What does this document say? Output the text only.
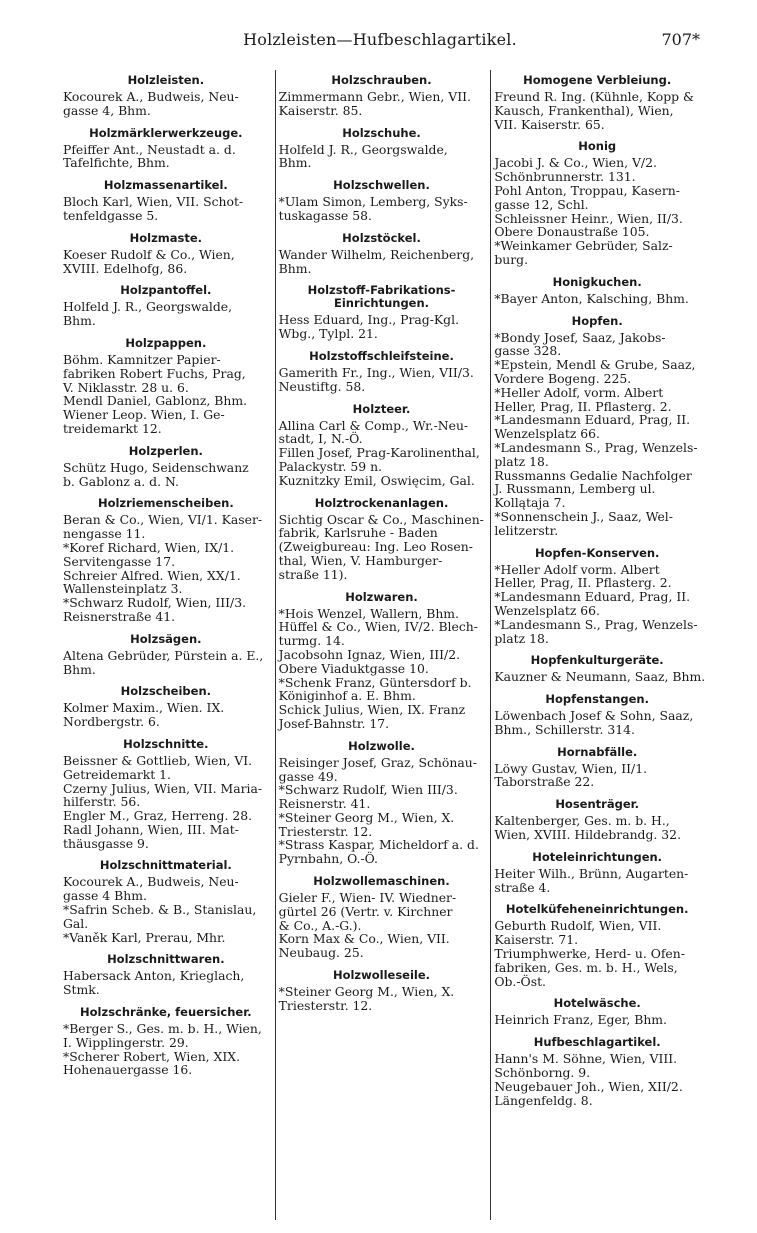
Holzleisten—Hufbeschlagartikel.	707*
Holzleisten.
Kocourek A., Budweis, Neu-
gasse 4, Bhm.
Holzmärklerwerkzeuge.
Pfeiffer Ant., Neustadt a. d.
Tafelfichte, Bhm.
Holzmassenartikel.
Bloch Karl, Wien, VII. Schot-
tenfeldgasse 5.
Holzmaste.
Koeser Rudolf & Co., Wien,
XVIII. Edelhofg, 86.
Holzpantoffel.
Holfeld J. R., Georgswalde,
Bhm.
Holzpappen.
Böhm. Kamnitzer Papier-
fabriken Robert Fuchs, Prag,
V. Niklasstr. 28 u. 6.
Mendl Daniel, Gablonz, Bhm.
Wiener Leop. Wien, I. Ge-
treidemarkt 12.
Holzperlen.
Schütz Hugo, Seidenschwanz
b. Gablonz a. d. N.
Holzriemenscheiben.
Beran & Co., Wien, VI/1. Kaser-
nengasse 11.
*Koref Richard, Wien, IX/1.
Servitengasse 17.
Schreier Alfred. Wien, XX/1.
Wallensteinplatz 3.
*Schwarz Rudolf, Wien, III/3.
Reisnerstraße 41.
Holzsägen.
Altena Gebrüder, Pürstein a. E.,
Bhm.
Holzscheiben.
Kolmer Maxim., Wien. IX.
Nordbergstr. 6.
Holzschnitte.
Beissner & Gottlieb, Wien, VI.
Getreidemarkt 1.
Czerny Julius, Wien, VII. Maria-
hilferstr. 56.
Engler M., Graz, Herreng. 28.
Radl Johann, Wien, III. Mat-
thäusgasse 9.
Holzschnittmaterial.
Kocourek A., Budweis, Neu-
gasse 4 Bhm.
*Safrin Scheb. & B., Stanislau,
Gal.
*Vaněk Karl, Prerau, Mhr.
Holzschnittwaren.
Habersack Anton, Krieglach,
Stmk.
Holzschränke, feuersicher.
*Berger S., Ges. m. b. H., Wien,
I. Wipplingerstr. 29.
*Scherer Robert, Wien, XIX.
Hohenauergasse 16.
Holzschrauben.
Zimmermann Gebr., Wien, VII.
Kaiserstr. 85.
Holzschuhe.
Holfeld J. R., Georgswalde,
Bhm.
Holzschwellen.
*Ulam Simon, Lemberg, Syks-
tuskagasse 58.
Holzstöckel.
Wander Wilhelm, Reichenberg,
Bhm.
Holzstoff-Fabrikations-
Einrichtungen.
Hess Eduard, Ing., Prag-Kgl.
Wbg., Tylpl. 21.
Holzstoffschleifsteine.
Gamerith Fr., Ing., Wien, VII/3.
Neustiftg. 58.
Holzteer.
Allina Carl & Comp., Wr.-Neu-
stadt, I, N.-Ö.
Fillen Josef, Prag-Karolinenthal,
Palackystr. 59 n.
Kuznitzky Emil, Oswięcim, Gal.
Holztrockenanlagen.
Sichtig Oscar & Co., Maschinen-
fabrik, Karlsruhe - Baden
(Zweigbureau: Ing. Leo Rosen-
thal, Wien, V. Hamburger-
straße 11).
Holzwaren.
*Hois Wenzel, Wallern, Bhm.
Hüffel & Co., Wien, IV/2. Blech-
turmg. 14.
Jacobsohn Ignaz, Wien, III/2.
Obere Viaduktgasse 10.
*Schenk Franz, Güntersdorf b.
Königinhof a. E. Bhm.
Schick Julius, Wien, IX. Franz
Josef-Bahnstr. 17.
Holzwolle.
Reisinger Josef, Graz, Schönau-
gasse 49.
*Schwarz Rudolf, Wien III/3.
Reisnerstr. 41.
*Steiner Georg M., Wien, X.
Triesterstr. 12.
*Strass Kaspar, Micheldorf a. d.
Pyrnbahn, O.-Ö.
Holzwollemaschinen.
Gieler F., Wien- IV. Wiedner-
gürtel 26 (Vertr. v. Kirchner
& Co., A.-G.).
Korn Max & Co., Wien, VII.
Neubaug. 25.
Holzwolleseile.
*Steiner Georg M., Wien, X.
Triesterstr. 12.
Homogene Verbleiung.
Freund R. Ing. (Kühnle, Kopp &
Kausch, Frankenthal), Wien,
VII. Kaiserstr. 65.
Honig
Jacobi J. & Co., Wien, V/2.
Schönbrunnerstr. 131.
Pohl Anton, Troppau, Kasern-
gasse 12, Schl.
Schleissner Heinr., Wien, II/3.
Obere Donaustraße 105.
*Weinkamer Gebrüder, Salz-
burg.
Honigkuchen.
*Bayer Anton, Kalsching, Bhm.
Hopfen.
*Bondy Josef, Saaz, Jakobs-
gasse 328.
*Epstein, Mendl & Grube, Saaz,
Vordere Bogeng. 225.
*Heller Adolf, vorm. Albert
Heller, Prag, II. Pflasterg. 2.
*Landesmann Eduard, Prag, II.
Wenzelsplatz 66.
*Landesmann S., Prag, Wenzels-
platz 18.
Russmanns Gedalie Nachfolger
J. Russmann, Lemberg ul.
Kollątaja 7.
*Sonnenschein J., Saaz, Wel-
lelitzerstr.
Hopfen-Konserven.
*Heller Adolf vorm. Albert
Heller, Prag, II. Pflasterg. 2.
*Landesmann Eduard, Prag, II.
Wenzelsplatz 66.
*Landesmann S., Prag, Wenzels-
platz 18.
Hopfenkulturgeräte.
Kauzner & Neumann, Saaz, Bhm.
Hopfenstangen.
Löwenbach Josef & Sohn, Saaz,
Bhm., Schillerstr. 314.
Hornabfälle.
Löwy Gustav, Wien, II/1.
Taborstraße 22.
Hosenträger.
Kaltenberger, Ges. m. b. H.,
Wien, XVIII. Hildebrandg. 32.
Hoteleinrichtungen.
Heiter Wilh., Brünn, Augarten-
straße 4.
Hotelküfeheneinrichtungen.
Geburth Rudolf, Wien, VII.
Kaiserstr. 71.
Triumphwerke, Herd- u. Ofen-
fabriken, Ges. m. b. H., Wels,
Ob.-Öst.
Hotelwäsche.
Heinrich Franz, Eger, Bhm.
Hufbeschlagartikel.
Hann's M. Söhne, Wien, VIII.
Schönborng. 9.
Neugebauer Joh., Wien, XII/2.
Längenfeldg. 8.
